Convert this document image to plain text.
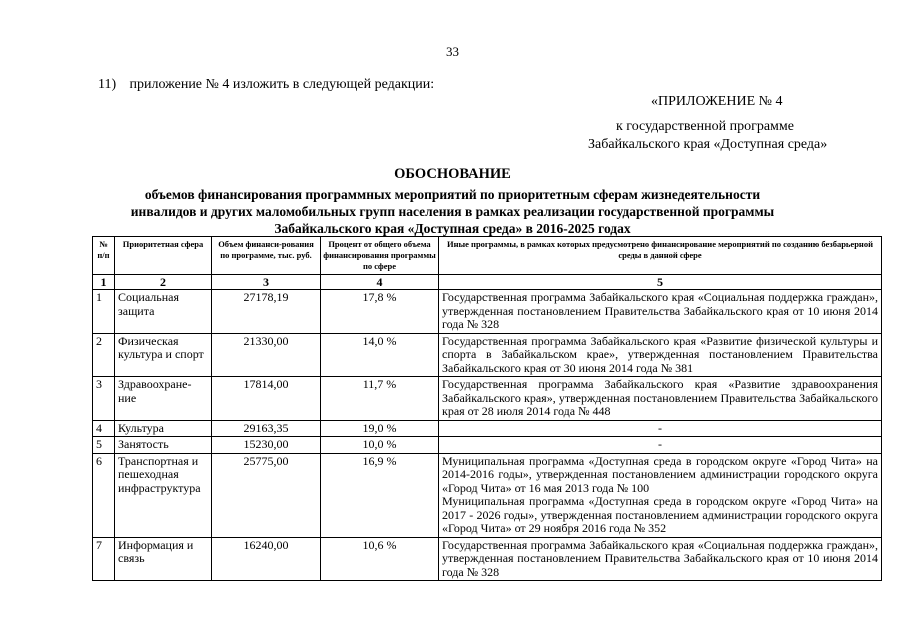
33
11) приложение № 4 изложить в следующей редакции:
«ПРИЛОЖЕНИЕ № 4
к государственной программе
Забайкальского края «Доступная среда»
ОБОСНОВАНИЕ
объемов финансирования программных мероприятий по приоритетным сферам жизнедеятельности
инвалидов и других маломобильных групп населения в рамках реализации государственной программы
Забайкальского края «Доступная среда» в 2016-2025 годах
№ п/п	Приоритетная сфера	Объем финанси-рования по программе, тыс. руб.	Процент от общего объема финансирования программы по сфере	Иные программы, в рамках которых предусмотрено финансирование мероприятий по созданию безбарьерной среды в данной сфере
1	2	3	4	5
1	Социальная защита	27178,19	17,8 %	Государственная программа Забайкальского края «Социальная поддержка граждан», утвержденная постановлением Правительства Забайкальского края от 10 июня 2014 года № 328

2	Физическая культура и спорт	21330,00	14,0 %	Государственная программа Забайкальского края «Развитие физической культуры и спорта в Забайкальском крае», утвержденная постановлением Правительства Забайкальского края от 30 июня 2014 года № 381

3	Здравоохране-ние	17814,00	11,7 %	Государственная программа Забайкальского края «Развитие здравоохранения Забайкальского края», утвержденная постановлением Правительства Забайкальского края от 28 июля 2014 года № 448

4	Культура	29163,35	19,0 %	-

5	Занятость	15230,00	10,0 %	-

6	Транспортная и пешеходная инфраструктура	25775,00	16,9 %	Муниципальная программа «Доступная среда в городском округе «Город Чита» на 2014-2016 годы», утвержденная постановлением администрации городского округа «Город Чита» от 16 мая 2013 года № 100
Муниципальная программа «Доступная среда в городском округе «Город Чита» на 2017 - 2026 годы», утвержденная постановлением администрации городского округа «Город Чита» от 29 ноября 2016 года № 352

7	Информация и связь	16240,00	10,6 %	Государственная программа Забайкальского края «Социальная поддержка граждан», утвержденная постановлением Правительства Забайкальского края от 10 июня 2014 года № 328
